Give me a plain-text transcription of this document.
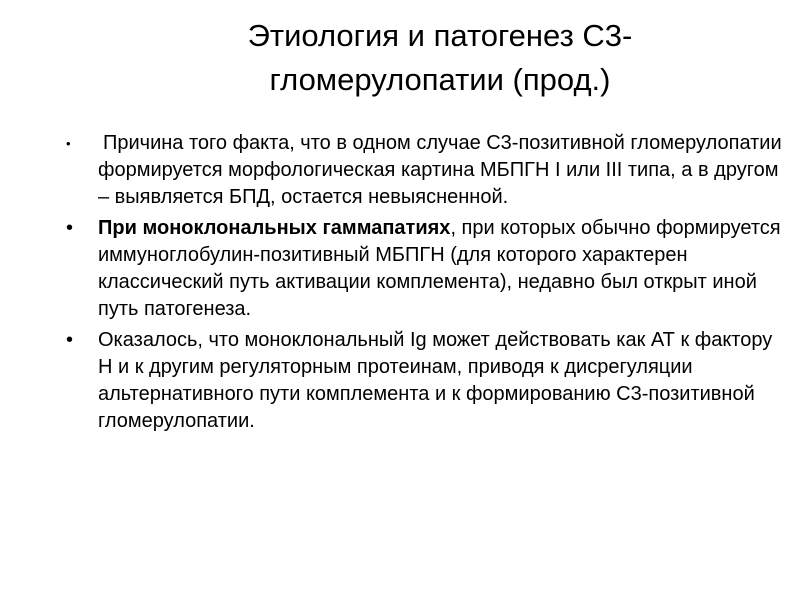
Этиология и патогенез С3-
гломерулопатии (прод.)
•	Причина того факта, что в одном случае С3-позитивной гломерулопатии формируется морфологическая картина МБПГН I или III типа, а в другом – выявляется БПД, остается невыясненной.
•	При моноклональных гаммапатиях, при которых обычно формируется иммуноглобулин-позитивный МБПГН (для которого характерен классический путь активации комплемента), недавно был открыт иной путь патогенеза.
•	Оказалось, что моноклональный Ig может действовать как АТ к фактору Н и к другим регуляторным протеинам, приводя к дисрегуляции альтернативного пути комплемента и к формированию С3-позитивной гломерулопатии.
